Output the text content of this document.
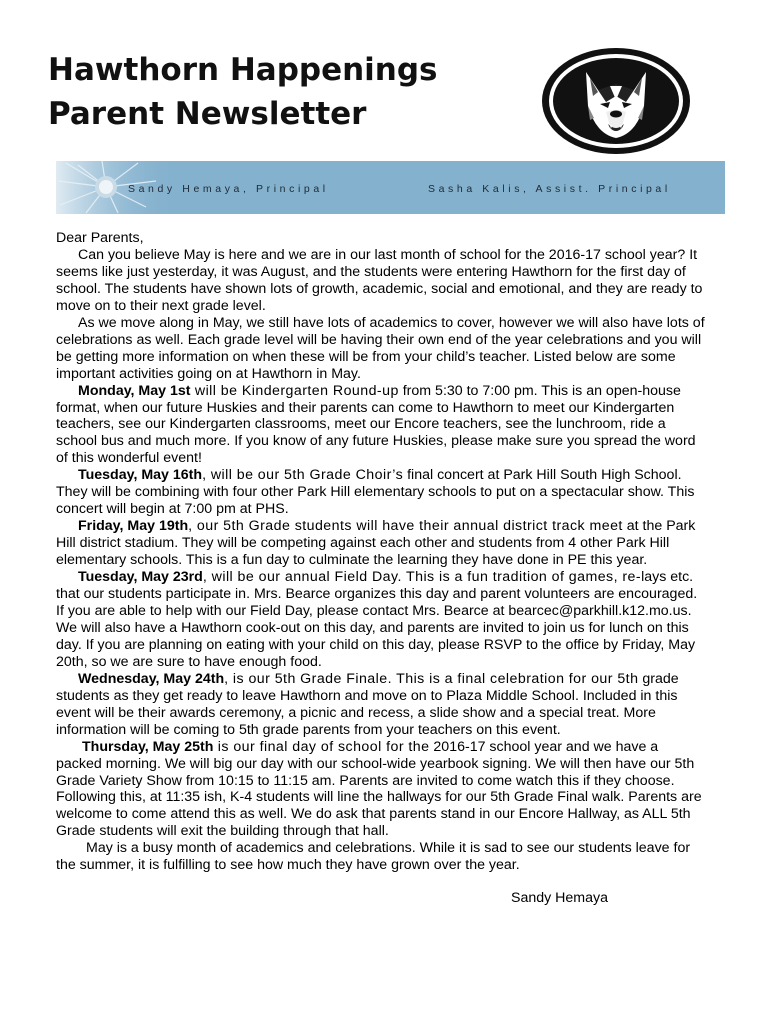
Hawthorn Happenings
Parent Newsletter
Sandy Hemaya, Principal	Sasha Kalis, Assist. Principal

Dear Parents,

Can you believe May is here and we are in our last month of school for the 2016-17 school year? It seems like just yesterday, it was August, and the students were entering Hawthorn for the first day of school. The students have shown lots of growth, academic, social and emotional, and they are ready to move on to their next grade level.

As we move along in May, we still have lots of academics to cover, however we will also have lots of celebrations as well. Each grade level will be having their own end of the year celebrations and you will be getting more information on when these will be from your child’s teacher. Listed below are some important activities going on at Hawthorn in May.

Monday, May 1st will be Kindergarten Round-up from 5:30 to 7:00 pm. This is an open-house format, when our future Huskies and their parents can come to Hawthorn to meet our Kindergarten teachers, see our Kindergarten classrooms, meet our Encore teachers, see the lunchroom, ride a school bus and much more. If you know of any future Huskies, please make sure you spread the word of this wonderful event!

Tuesday, May 16th, will be our 5th Grade Choir’s final concert at Park Hill South High School. They will be combining with four other Park Hill elementary schools to put on a spectacular show. This concert will begin at 7:00 pm at PHS.

Friday, May 19th, our 5th Grade students will have their annual district track meet at the Park Hill district stadium. They will be competing against each other and students from 4 other Park Hill elementary schools. This is a fun day to culminate the learning they have done in PE this year.

Tuesday, May 23rd, will be our annual Field Day. This is a fun tradition of games, re-lays etc. that our students participate in. Mrs. Bearce organizes this day and parent volunteers are encouraged. If you are able to help with our Field Day, please contact Mrs. Bearce at bearcec@parkhill.k12.mo.us. We will also have a Hawthorn cook-out on this day, and parents are invited to join us for lunch on this day. If you are planning on eating with your child on this day, please RSVP to the office by Friday, May 20th, so we are sure to have enough food.

Wednesday, May 24th, is our 5th Grade Finale. This is a final celebration for our 5th grade students as they get ready to leave Hawthorn and move on to Plaza Middle School. Included in this event will be their awards ceremony, a picnic and recess, a slide show and a special treat. More information will be coming to 5th grade parents from your teachers on this event.

Thursday, May 25th is our final day of school for the 2016-17 school year and we have a packed morning. We will big our day with our school-wide yearbook signing. We will then have our 5th Grade Variety Show from 10:15 to 11:15 am. Parents are invited to come watch this if they choose. Following this, at 11:35 ish, K-4 students will line the hallways for our 5th Grade Final walk. Parents are welcome to come attend this as well. We do ask that parents stand in our Encore Hallway, as ALL 5th Grade students will exit the building through that hall.

May is a busy month of academics and celebrations. While it is sad to see our students leave for the summer, it is fulfilling to see how much they have grown over the year.

Sandy Hemaya
